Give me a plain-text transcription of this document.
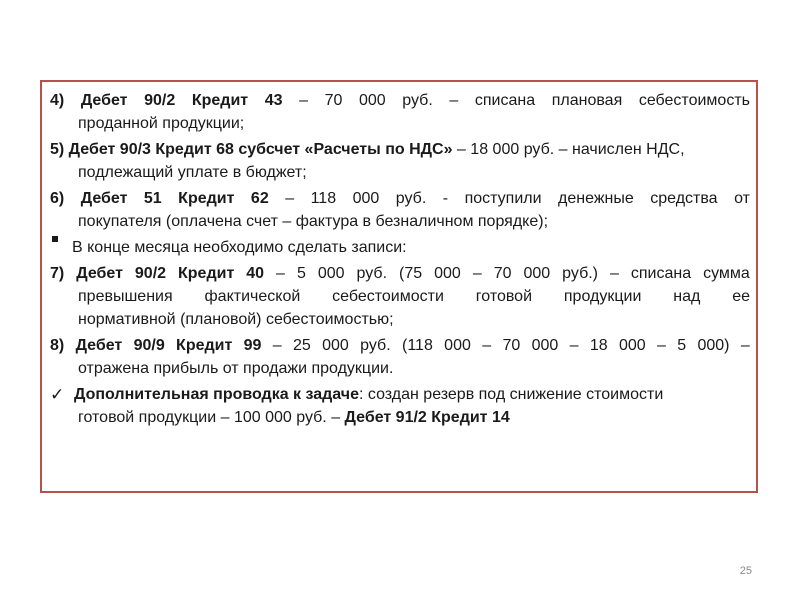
4) Дебет 90/2 Кредит 43 – 70 000 руб. – списана плановая себестоимость
проданной продукции;
5) Дебет 90/3 Кредит 68 субсчет «Расчеты по НДС» – 18 000 руб. – начислен НДС,
подлежащий уплате в бюджет;
6) Дебет 51 Кредит 62 – 118 000 руб. - поступили денежные средства от
покупателя (оплачена счет – фактура в безналичном порядке);
В конце месяца необходимо сделать записи:
7) Дебет 90/2 Кредит 40 – 5 000 руб. (75 000 – 70 000 руб.) – списана сумма
превышения фактической себестоимости готовой продукции над ее
нормативной (плановой) себестоимостью;
8) Дебет 90/9 Кредит 99 – 25 000 руб. (118 000 – 70 000 – 18 000 – 5 000) –
отражена прибыль от продажи продукции.
✓ Дополнительная проводка к задаче : создан резерв под снижение стоимости
готовой продукции – 100 000 руб. – Дебет 91/2 Кредит 14
25
